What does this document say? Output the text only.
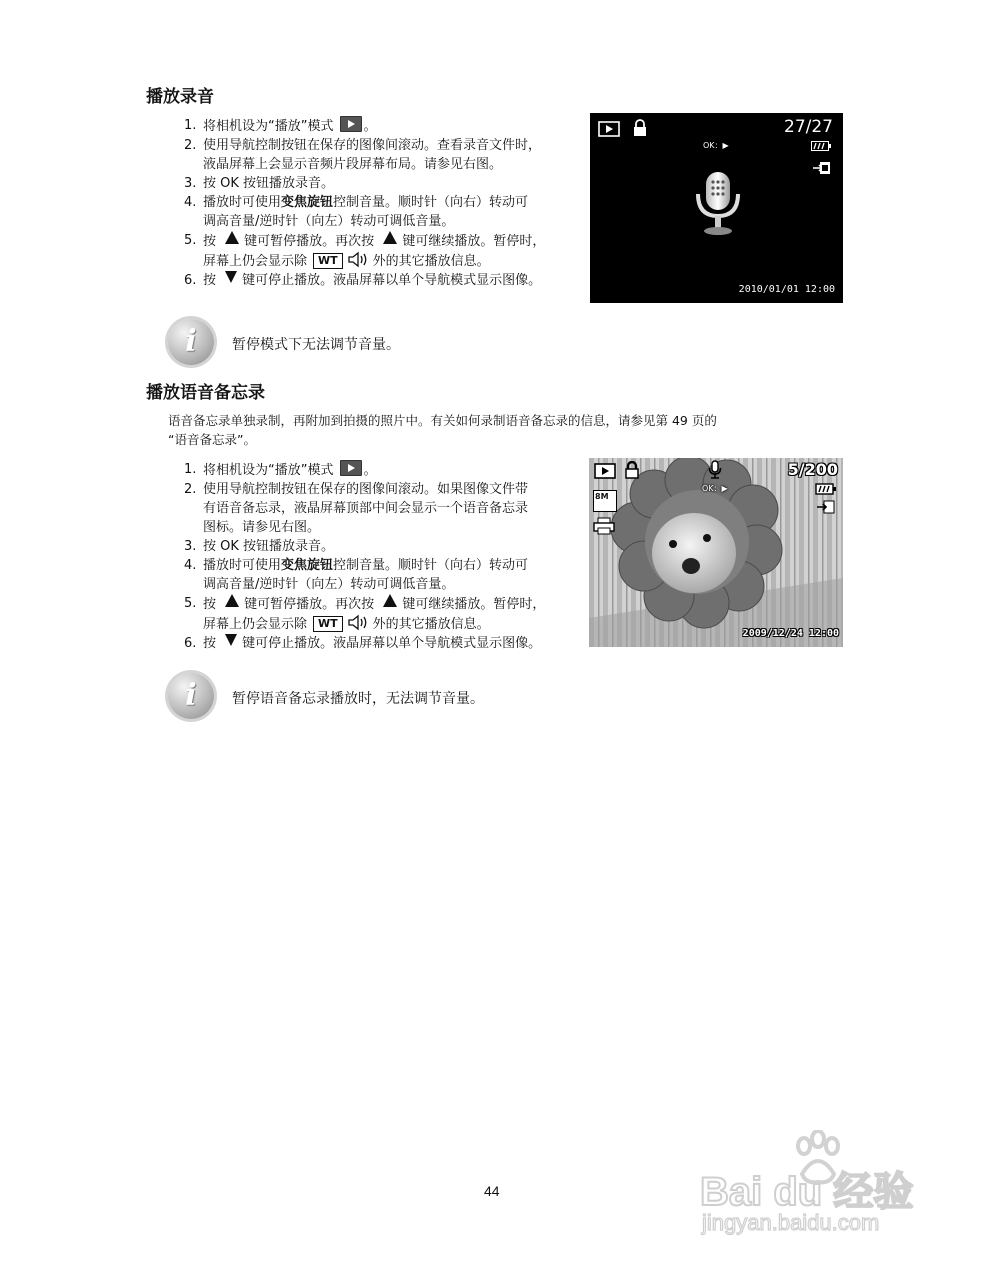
播放录音
1. 将相机设为“播放”模式 。
2. 使用导航控制按钮在保存的图像间滚动。查看录音文件时，
液晶屏幕上会显示音频片段屏幕布局。请参见右图。
3. 按 OK 按钮播放录音。
4. 播放时可使用变焦旋钮控制音量。顺时针（向右）转动可
调高音量/逆时针（向左）转动可调低音量。
5. 按 键可暂停播放。再次按 键可继续播放。暂停时，
屏幕上仍会显示除 WT	外的其它播放信息。
6. 按 键可停止播放。液晶屏幕以单个导航模式显示图像。
27/27
OK：▶
2010/01/01 12:00
i	暂停模式下无法调节音量。
播放语音备忘录
语音备忘录单独录制，再附加到拍摄的照片中。有关如何录制语音备忘录的信息，请参见第 49 页的
“语音备忘录”。
1. 将相机设为“播放”模式 。
2. 使用导航控制按钮在保存的图像间滚动。如果图像文件带
有语音备忘录，液晶屏幕顶部中间会显示一个语音备忘录
图标。请参见右图。
3. 按 OK 按钮播放录音。
4. 播放时可使用变焦旋钮控制音量。顺时针（向右）转动可
调高音量/逆时针（向左）转动可调低音量。
5. 按 键可暂停播放。再次按 键可继续播放。暂停时，
屏幕上仍会显示除 WT	外的其它播放信息。
6. 按 键可停止播放。液晶屏幕以单个导航模式显示图像。
OK：▶
5/200
8M
2009/12/24 12:00
i	暂停语音备忘录播放时，无法调节音量。
44	Bai du 经验
jingyan.baidu.com
